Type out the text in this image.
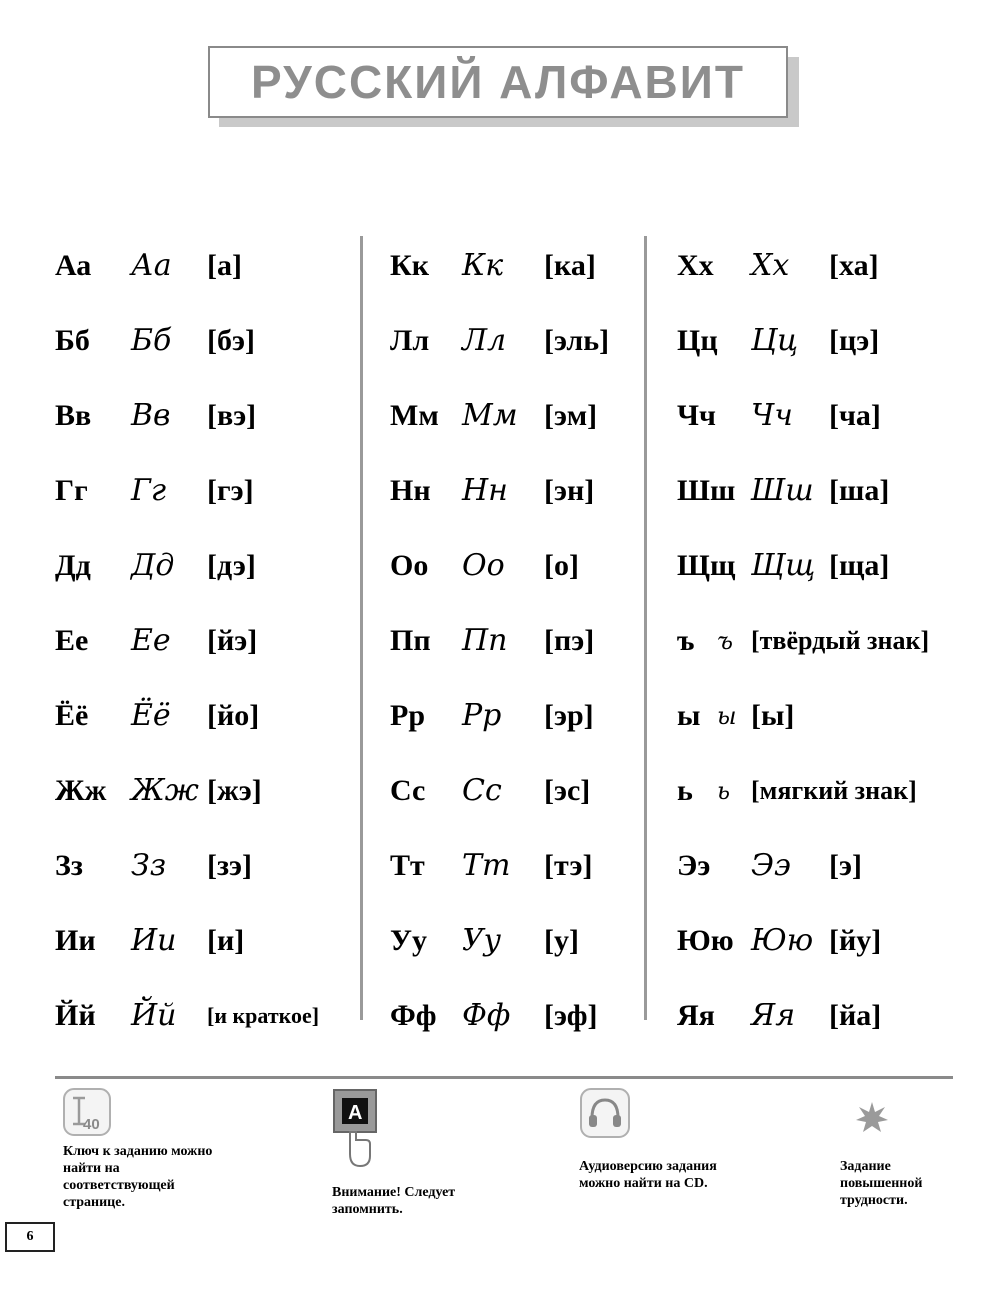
РУССКИЙ АЛФАВИТ
Аа	Аа	[а]
Бб	Бб	[бэ]
Вв	Вв	[вэ]
Гг	Гг	[гэ]
Дд	Дд	[дэ]
Ее	Ее	[йэ]
Ёё	Ёё	[йо]
Жж Жж [жэ]
Зз	Зз	[зэ]
Ии	Ии	[и]
Йй	Йй	[и краткое]
Кк	Кк	[ка]
Лл	Лл	[эль]
Мм Мм [эм]
Нн	Нн	[эн]
Оо	Оо	[о]
Пп	Пп	[пэ]
Рр	Рр	[эр]
Сс	Сс	[эс]
Тт	Тт	[тэ]
Уу	Уу	[у]
Фф Фф	[эф]
Хх	Хх	[ха]
Цц	Цц	[цэ]
Чч	Чч	[ча]
Шш Шш [ша]
Щщ Щщ [ща]
ъ ъ [твёрдый знак]
ы ы [ы]
ь	ь [мягкий знак]
Ээ	Ээ	[э]
Юю Юю [йу]
Яя	Яя	[йа]
40
Ключ к заданию можно найти на соответствующей странице.
A
Внимание! Следует запомнить.
Аудиоверсию задания можно найти на CD.
Задание повышенной трудности.
6
